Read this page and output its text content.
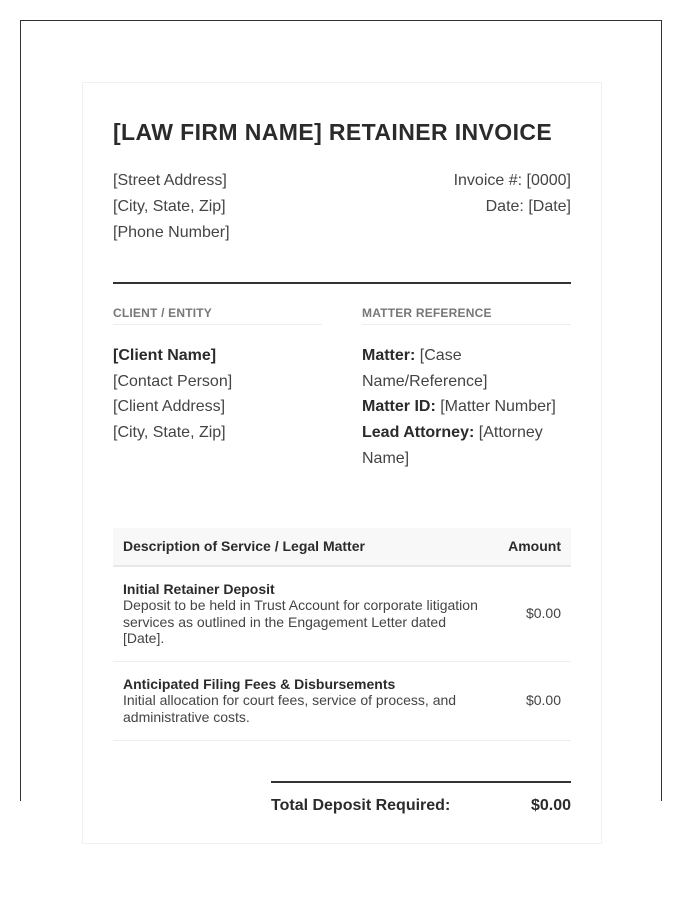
[LAW FIRM NAME] RETAINER INVOICE
[Street Address]
[City, State, Zip]
[Phone Number]
Invoice #: [0000]
Date: [Date]
CLIENT / ENTITY
[Client Name]
[Contact Person]
[Client Address]
[City, State, Zip]
MATTER REFERENCE
Matter: [Case Name/Reference]
Matter ID: [Matter Number]
Lead Attorney: [Attorney Name]
Description of Service / Legal Matter	Amount

Initial Retainer Deposit
Deposit to be held in Trust Account for corporate litigation services as outlined in the Engagement Letter dated [Date].	$0.00

Anticipated Filing Fees & Disbursements
Initial allocation for court fees, service of process, and administrative costs.	$0.00
Total Deposit Required:	$0.00
